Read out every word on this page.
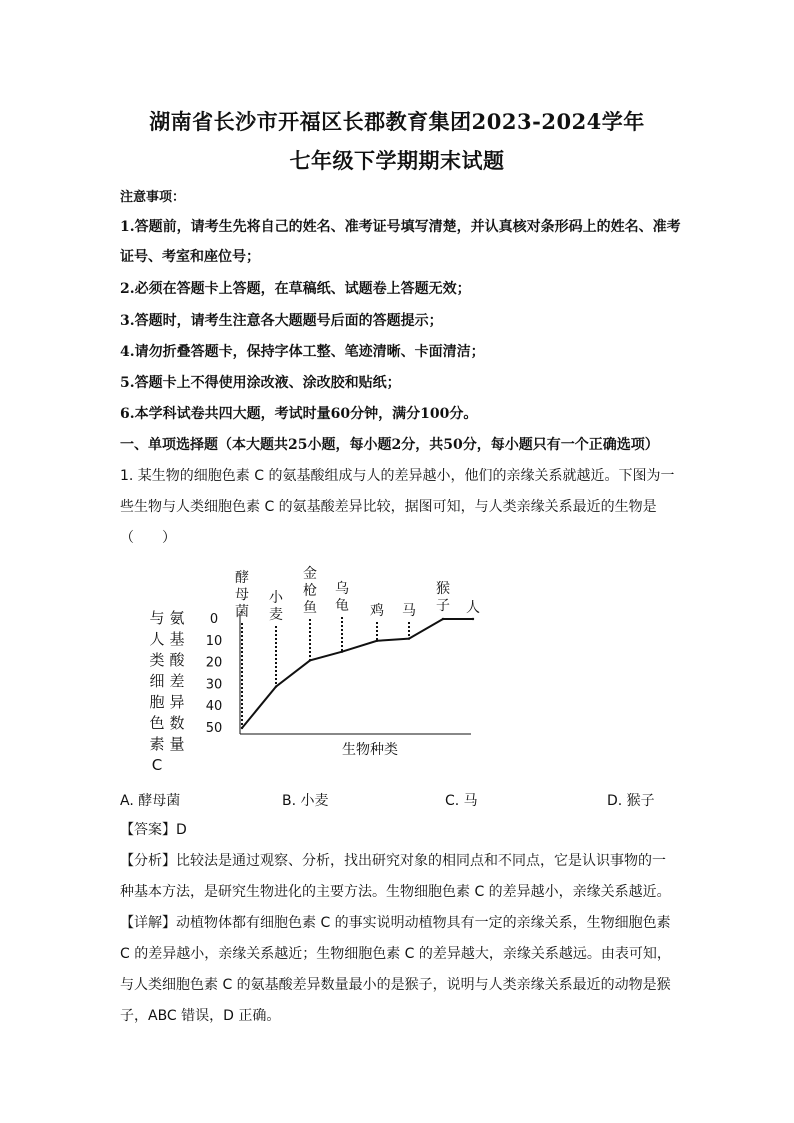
湖南省长沙市开福区长郡教育集团2023-2024学年
七年级下学期期末试题
注意事项：
1.答题前，请考生先将自己的姓名、准考证号填写清楚，并认真核对条形码上的姓名、准考
证号、考室和座位号；
2.必须在答题卡上答题，在草稿纸、试题卷上答题无效；
3.答题时，请考生注意各大题题号后面的答题提示；
4.请勿折叠答题卡，保持字体工整、笔迹清晰、卡面清洁；
5.答题卡上不得使用涂改液、涂改胶和贴纸；
6.本学科试卷共四大题，考试时量60分钟，满分100分。
一、单项选择题（本大题共25小题，每小题2分，共50分，每小题只有一个正确选项）
1. 某生物的细胞色素 C 的氨基酸组成与人的差异越小，他们的亲缘关系就越近。下图为一
些生物与人类细胞色素 C 的氨基酸差异比较，据图可知，与人类亲缘关系最近的生物是
（　　）
与
人
类
细
胞
色
素
C
氨
基
酸
差
异
数
量
0
10
20
30
40
50
酵
母
菌
小
麦
金
枪
鱼
乌
龟 鸡 马
猴
子 人
生物种类
A. 酵母菌	B. 小麦	C. 马	D. 猴子
【答案】D
【分析】比较法是通过观察、分析，找出研究对象的相同点和不同点，它是认识事物的一
种基本方法，是研究生物进化的主要方法。生物细胞色素 C 的差异越小，亲缘关系越近。
【详解】动植物体都有细胞色素 C 的事实说明动植物具有一定的亲缘关系，生物细胞色素
C 的差异越小，亲缘关系越近；生物细胞色素 C 的差异越大，亲缘关系越远。由表可知，
与人类细胞色素 C 的氨基酸差异数量最小的是猴子，说明与人类亲缘关系最近的动物是猴
子，ABC 错误，D 正确。
